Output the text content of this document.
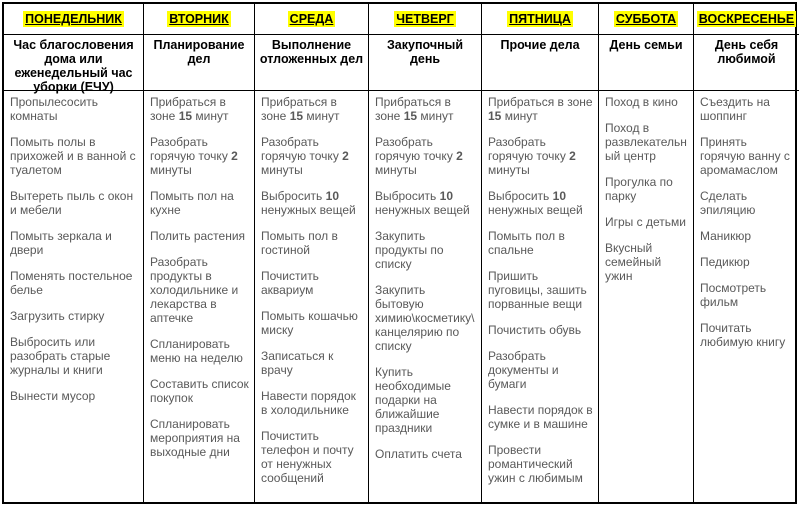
ПОНЕДЕЛЬНИК
Час благословения дома или еженедельный час уборки (ЕЧУ)
Пропылесосить комнаты
Помыть полы в прихожей и в ванной с туалетом
Вытереть пыль с окон и мебели
Помыть зеркала и двери
Поменять постельное белье
Загрузить стирку
Выбросить или разобрать старые журналы и книги
Вынести мусор
ВТОРНИК
Планирование дел
Прибраться в зоне 15 минут
Разобрать горячую точку 2 минуты
Помыть пол на кухне
Полить растения
Разобрать продукты в холодильнике и лекарства в аптечке
Спланировать меню на неделю
Составить список покупок
Спланировать мероприятия на выходные дни
СРЕДА
Выполнение отложенных дел
Прибраться в зоне 15 минут
Разобрать горячую точку 2 минуты
Выбросить 10 ненужных вещей
Помыть пол в гостиной
Почистить аквариум
Помыть кошачью миску
Записаться к врачу
Навести порядок в холодильнике
Почистить телефон и почту от ненужных сообщений
ЧЕТВЕРГ
Закупочный день
Прибраться в зоне 15 минут
Разобрать горячую точку 2 минуты
Выбросить 10 ненужных вещей
Закупить продукты по списку
Закупить бытовую химию\косметику\канцелярию по списку
Купить необходимые подарки на ближайшие праздники
Оплатить счета
ПЯТНИЦА
Прочие дела
Прибраться в зоне 15 минут
Разобрать горячую точку 2 минуты
Выбросить 10 ненужных вещей
Помыть пол в спальне
Пришить пуговицы, зашить порванные вещи
Почистить обувь
Разобрать документы и бумаги
Навести порядок в сумке и в машине
Провести романтический ужин с любимым
СУББОТА
День семьи
Поход в кино
Поход в развлекательный центр
Прогулка по парку
Игры с детьми
Вкусный семейный ужин
ВОСКРЕСЕНЬЕ
День себя любимой
Съездить на шоппинг
Принять горячую ванну с аромамаслом
Сделать эпиляцию
Маникюр
Педикюр
Посмотреть фильм
Почитать любимую книгу
